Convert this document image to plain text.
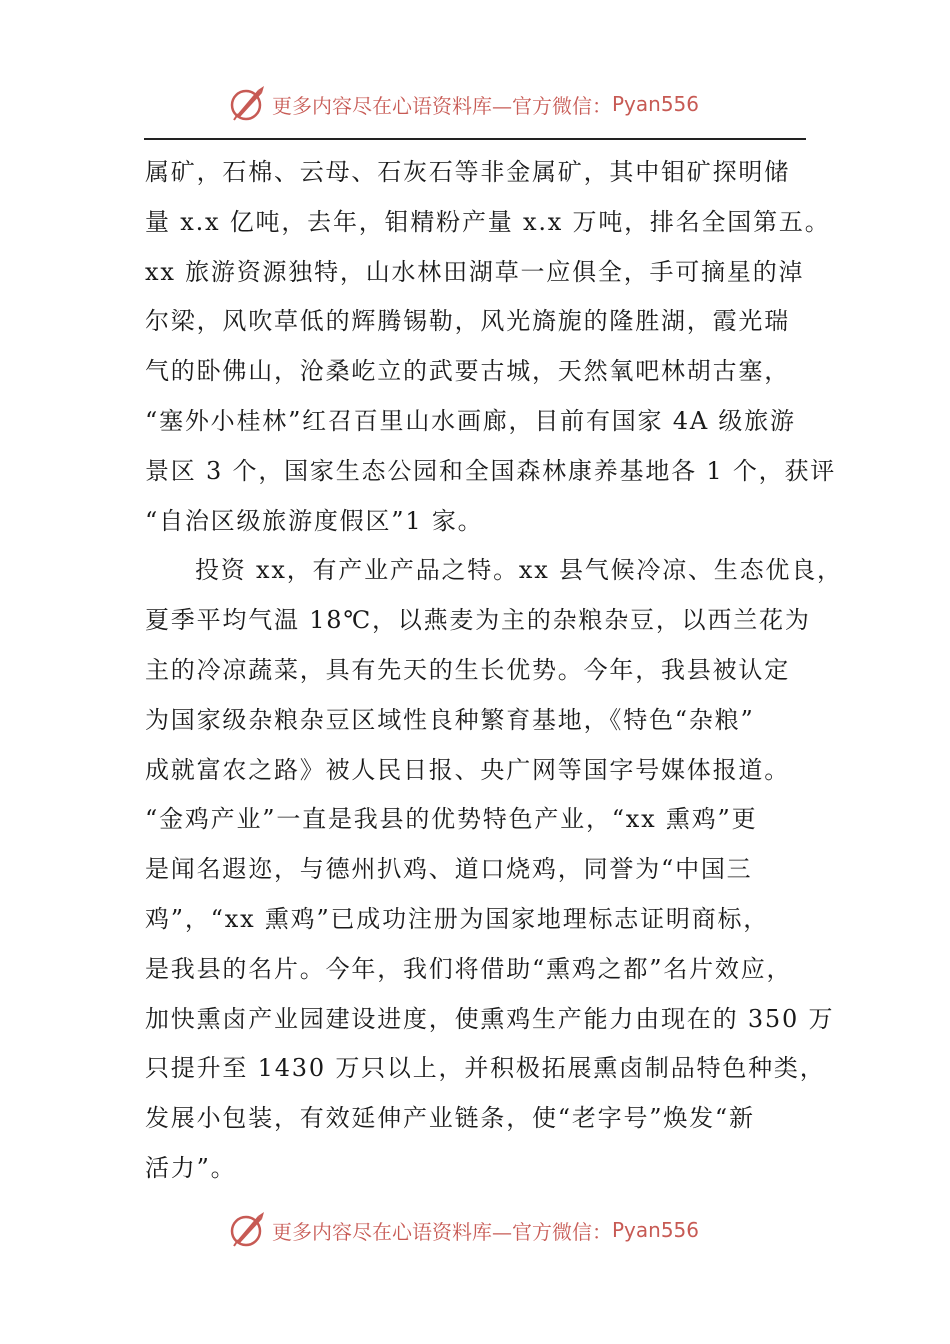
更多内容尽在心语资料库—官方微信： Pyan556
属矿，石棉、云母、石灰石等非金属矿，其中钼矿探明储
量 x.x 亿吨，去年，钼精粉产量 x.x 万吨，排名全国第五。
xx 旅游资源独特，山水林田湖草一应俱全，手可摘星的淖
尔梁，风吹草低的辉腾锡勒，风光旖旎的隆胜湖，霞光瑞
气的卧佛山，沧桑屹立的武要古城，天然氧吧林胡古塞，
“塞外小桂林”红召百里山水画廊，目前有国家 4A 级旅游
景区 3 个，国家生态公园和全国森林康养基地各 1 个，获评
“自治区级旅游度假区”1 家。
投资 xx，有产业产品之特。xx 县气候冷凉、生态优良，
夏季平均气温 18℃，以燕麦为主的杂粮杂豆，以西兰花为
主的冷凉蔬菜，具有先天的生长优势。今年，我县被认定
为国家级杂粮杂豆区域性良种繁育基地，《特色“杂粮”
成就富农之路》被人民日报、央广网等国字号媒体报道。
“金鸡产业”一直是我县的优势特色产业，“xx 熏鸡”更
是闻名遐迩，与德州扒鸡、道口烧鸡，同誉为“中国三
鸡”，“xx 熏鸡”已成功注册为国家地理标志证明商标，
是我县的名片。今年，我们将借助“熏鸡之都”名片效应，
加快熏卤产业园建设进度，使熏鸡生产能力由现在的 350 万
只提升至 1430 万只以上，并积极拓展熏卤制品特色种类，
发展小包装，有效延伸产业链条，使“老字号”焕发“新
活力”。
更多内容尽在心语资料库—官方微信： Pyan556
